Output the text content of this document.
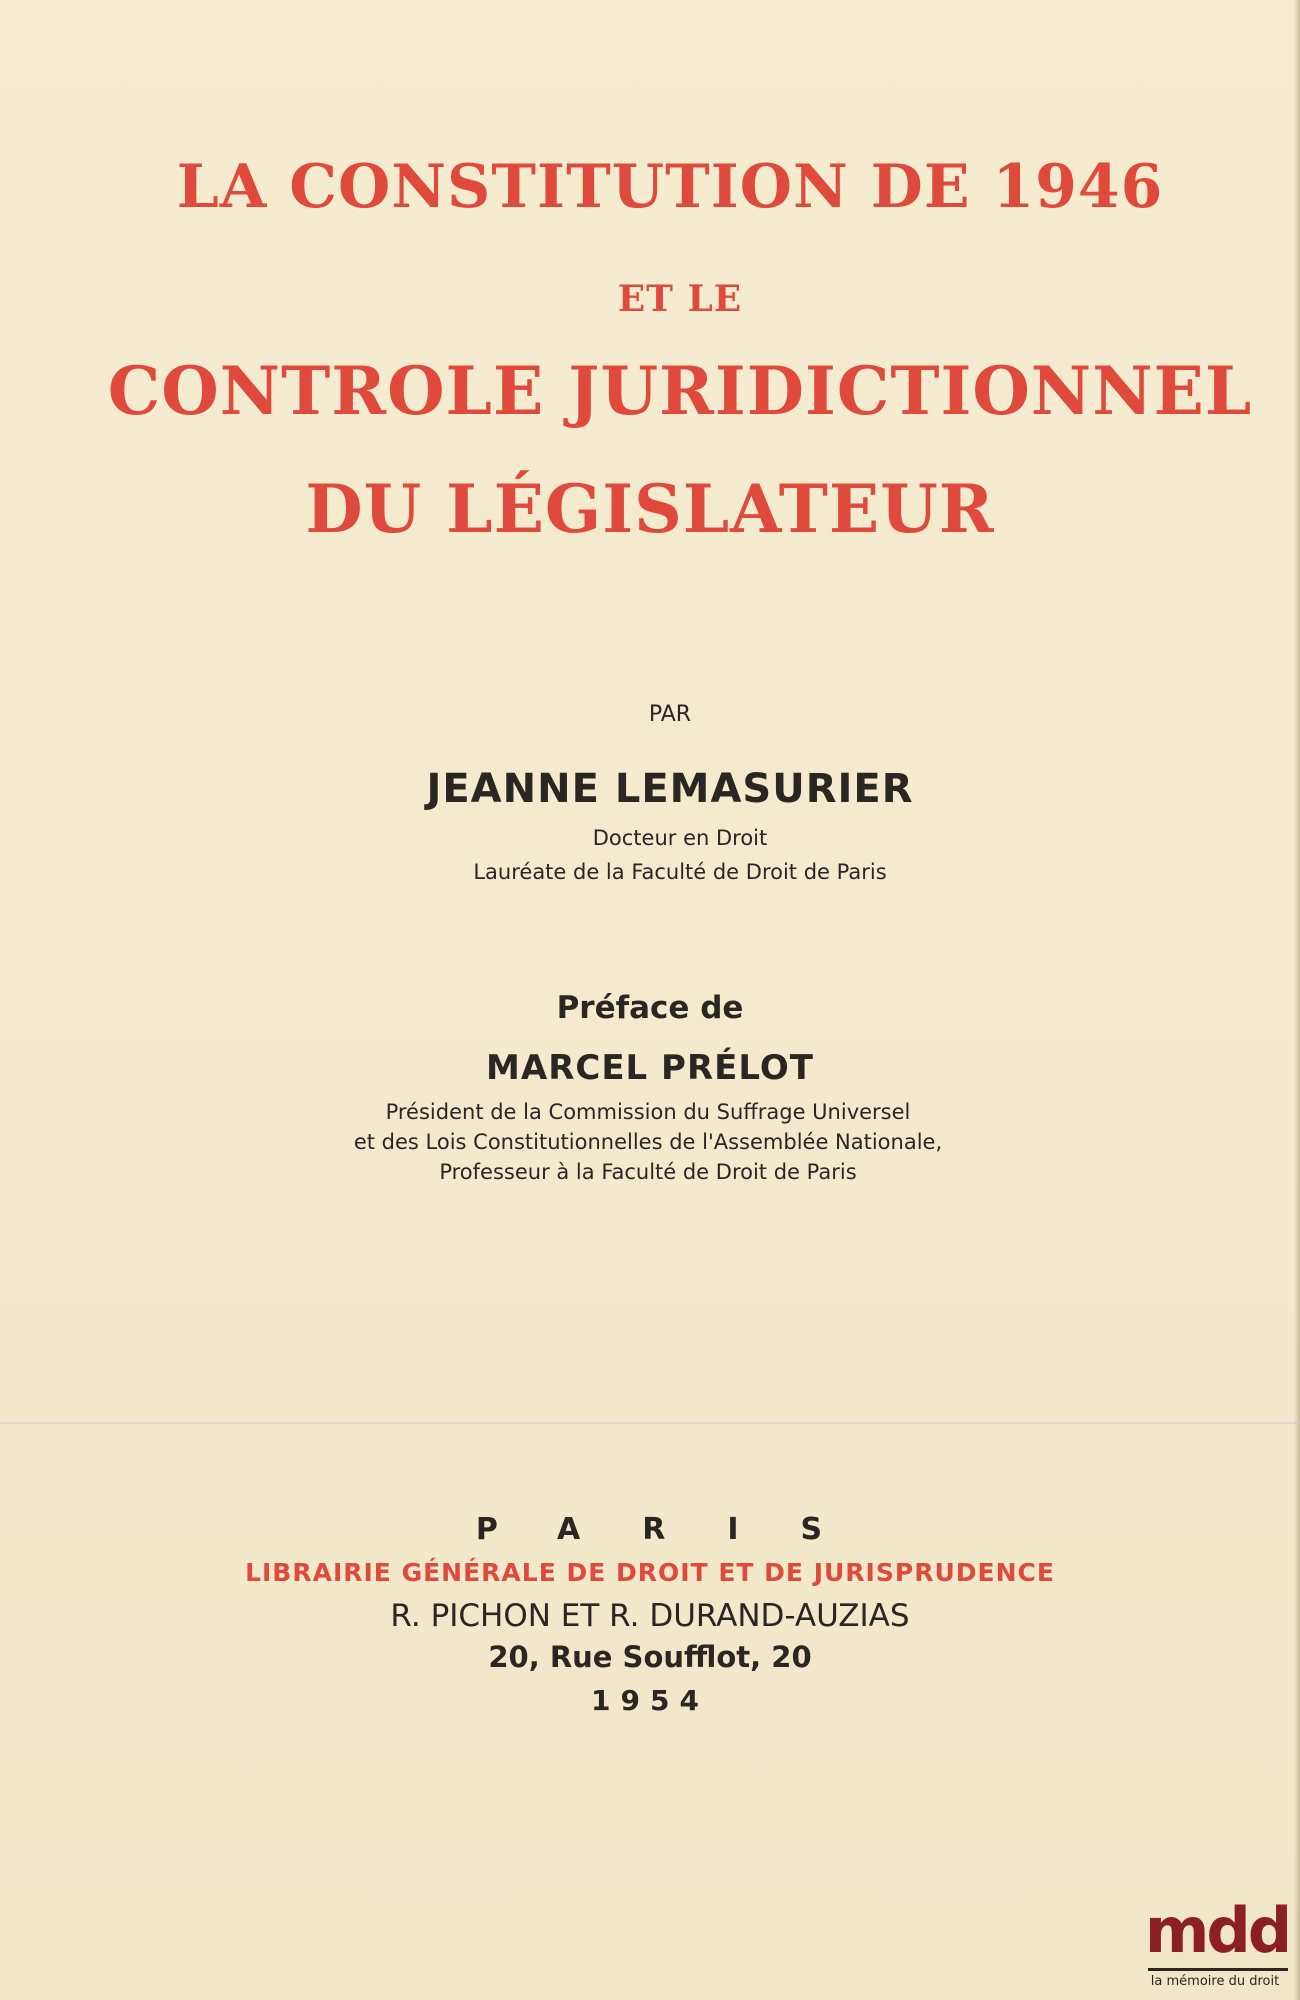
LA CONSTITUTION DE 1946
ET LE
CONTROLE JURIDICTIONNEL
DU LÉGISLATEUR
PAR
JEANNE LEMASURIER
Docteur en Droit
Lauréate de la Faculté de Droit de Paris
Préface de
MARCEL PRÉLOT
Président de la Commission du Suffrage Universel
et des Lois Constitutionnelles de l'Assemblée Nationale,
Professeur à la Faculté de Droit de Paris
PARIS
LIBRAIRIE GÉNÉRALE DE DROIT ET DE JURISPRUDENCE
R. PICHON ET R. DURAND-AUZIAS
20, Rue Soufflot, 20
1954
mdd
la mémoire du droit
